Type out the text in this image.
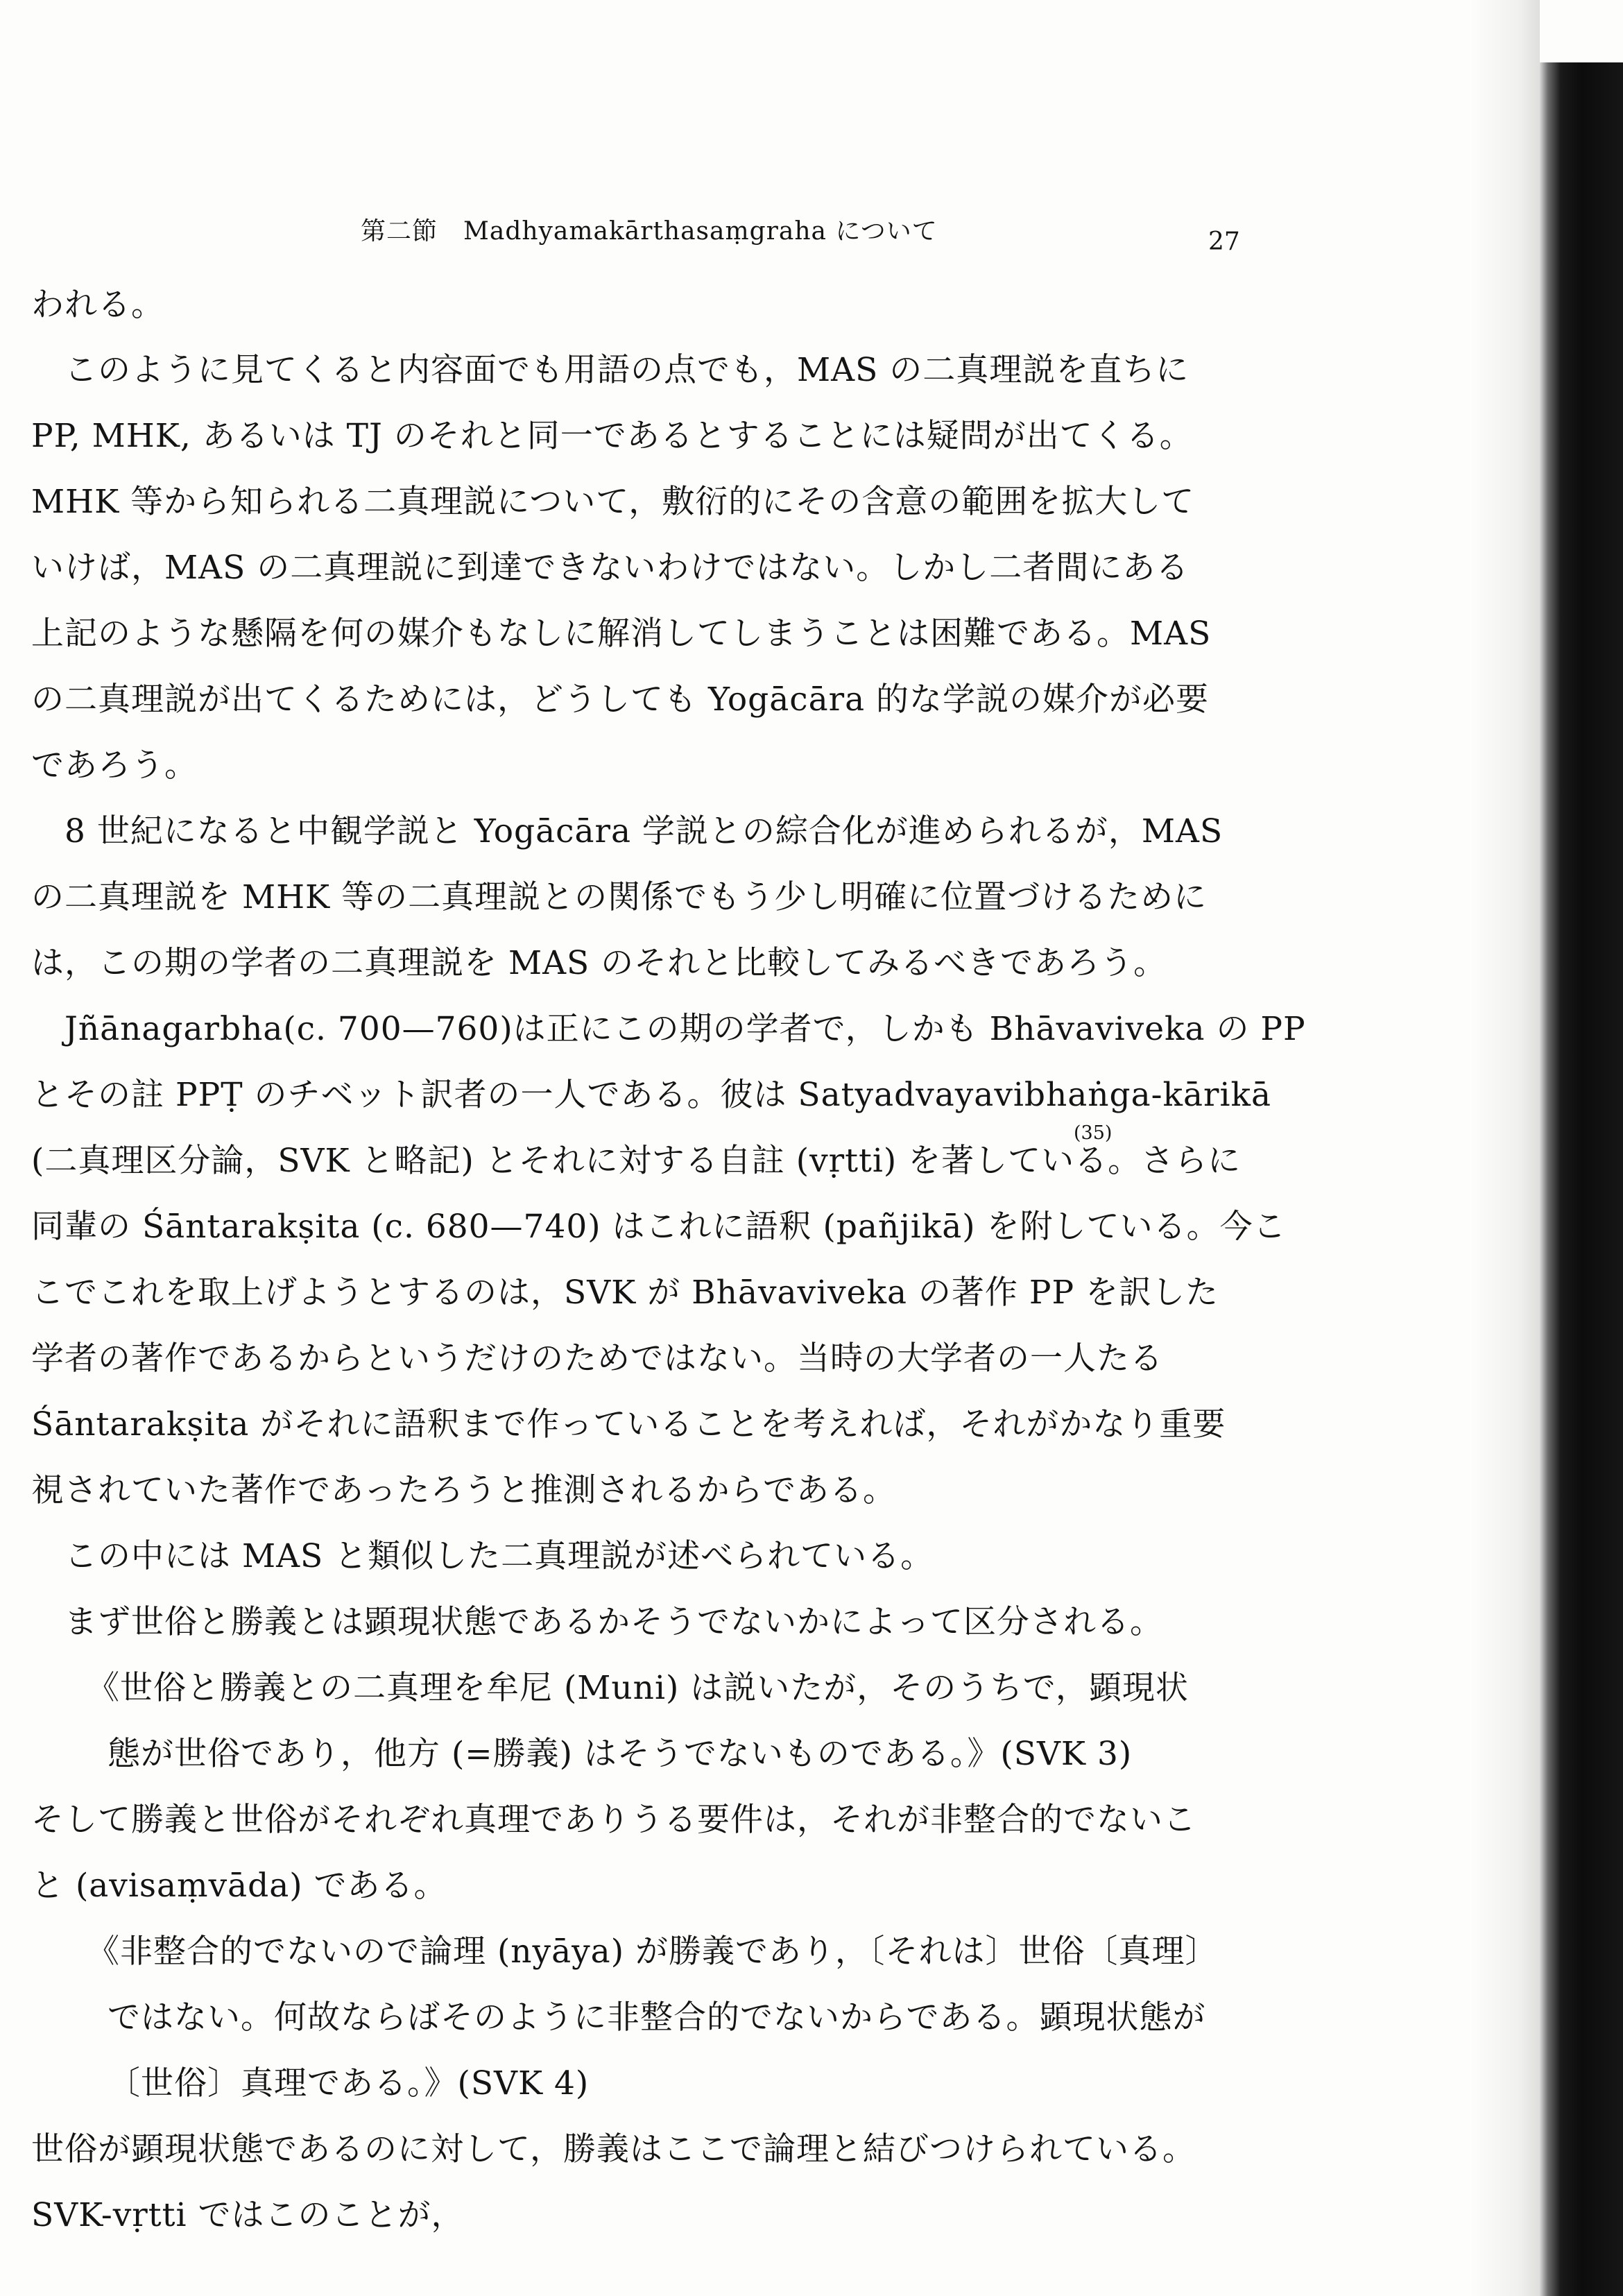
第二節　Madhyamakārthasaṃgraha について	27
われる。
　このように見てくると内容面でも用語の点でも，MAS の二真理説を直ちに
PP, MHK, あるいは TJ のそれと同一であるとすることには疑問が出てくる。
MHK 等から知られる二真理説について，敷衍的にその含意の範囲を拡大して
いけば，MAS の二真理説に到達できないわけではない。しかし二者間にある
上記のような懸隔を何の媒介もなしに解消してしまうことは困難である。MAS
の二真理説が出てくるためには，どうしても Yogācāra 的な学説の媒介が必要
であろう。
　8 世紀になると中観学説と Yogācāra 学説との綜合化が進められるが，MAS
の二真理説を MHK 等の二真理説との関係でもう少し明確に位置づけるために
は，この期の学者の二真理説を MAS のそれと比較してみるべきであろう。
　Jñānagarbha(c. 700—760)は正にこの期の学者で，しかも Bhāvaviveka の PP
とその註 PPṬ のチベット訳者の一人である。彼は Satyadvayavibhaṅga-kārikā
(35)
(二真理区分論，SVK と略記) とそれに対する自註 (vṛtti) を著している。さらに
同輩の Śāntarakṣita (c. 680—740) はこれに語釈 (pañjikā) を附している。今こ
こでこれを取上げようとするのは，SVK が Bhāvaviveka の著作 PP を訳した
学者の著作であるからというだけのためではない。当時の大学者の一人たる
Śāntarakṣita がそれに語釈まで作っていることを考えれば，それがかなり重要
視されていた著作であったろうと推測されるからである。
　この中には MAS と類似した二真理説が述べられている。
　まず世俗と勝義とは顕現状態であるかそうでないかによって区分される。
《世俗と勝義との二真理を牟尼 (Muni) は説いたが，そのうちで，顕現状
態が世俗であり，他方 (=勝義) はそうでないものである。》(SVK 3)
そして勝義と世俗がそれぞれ真理でありうる要件は，それが非整合的でないこ
と (avisaṃvāda) である。
《非整合的でないので論理 (nyāya) が勝義であり，〔それは〕世俗〔真理〕
ではない。何故ならばそのように非整合的でないからである。顕現状態が
〔世俗〕真理である。》(SVK 4)
世俗が顕現状態であるのに対して，勝義はここで論理と結びつけられている。
SVK-vṛtti ではこのことが，
